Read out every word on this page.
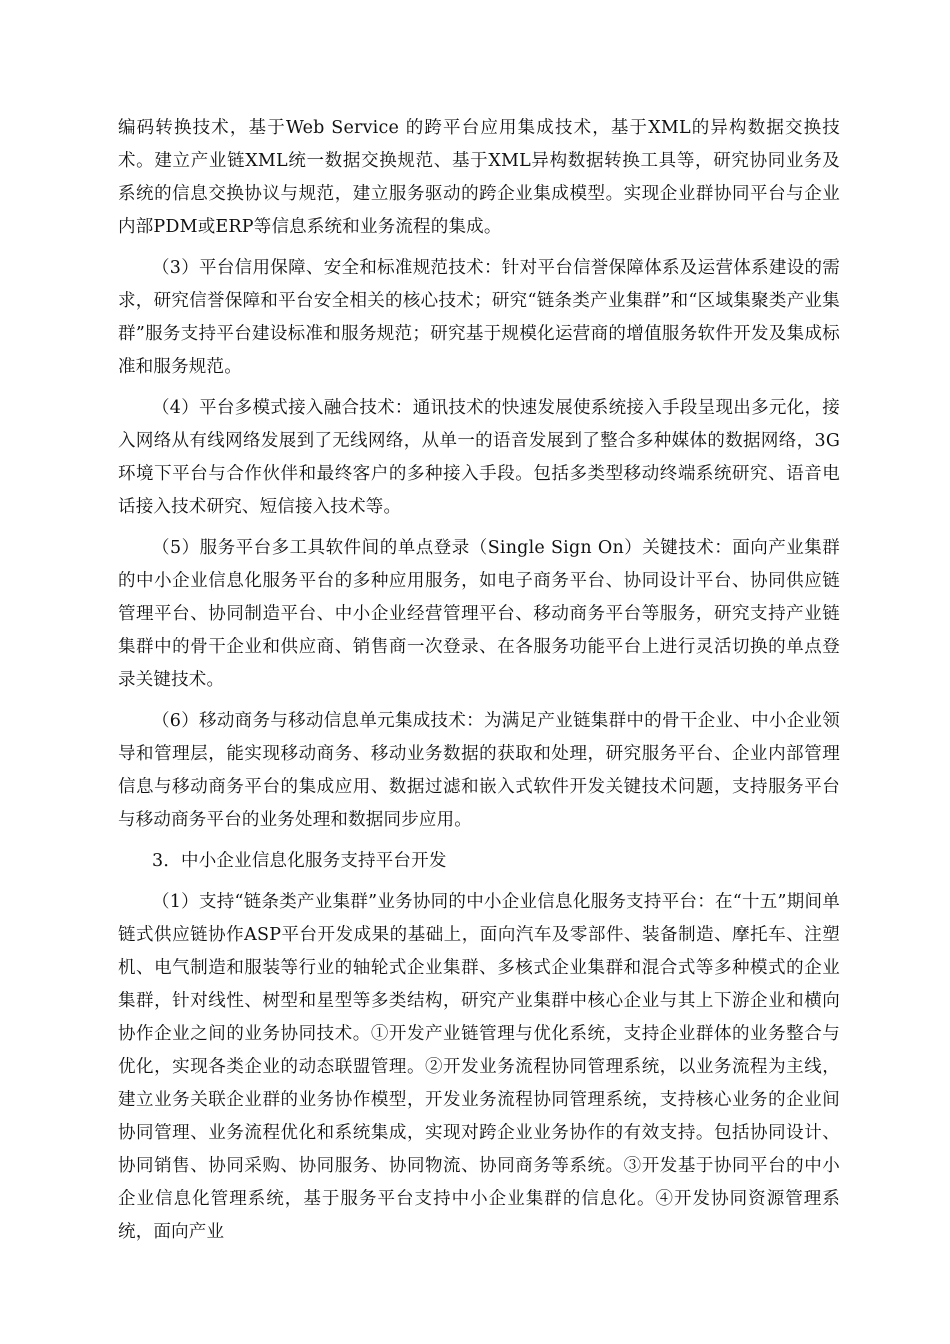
编码转换技术，基于Web Service 的跨平台应用集成技术，基于XML的异构数据交换技术。建立产业链XML统一数据交换规范、基于XML异构数据转换工具等，研究协同业务及系统的信息交换协议与规范，建立服务驱动的跨企业集成模型。实现企业群协同平台与企业内部PDM或ERP等信息系统和业务流程的集成。

（3）平台信用保障、安全和标准规范技术：针对平台信誉保障体系及运营体系建设的需求，研究信誉保障和平台安全相关的核心技术；研究“链条类产业集群”和“区域集聚类产业集群”服务支持平台建设标准和服务规范；研究基于规模化运营商的增值服务软件开发及集成标准和服务规范。

（4）平台多模式接入融合技术：通讯技术的快速发展使系统接入手段呈现出多元化，接入网络从有线网络发展到了无线网络，从单一的语音发展到了整合多种媒体的数据网络，3G环境下平台与合作伙伴和最终客户的多种接入手段。包括多类型移动终端系统研究、语音电话接入技术研究、短信接入技术等。

（5）服务平台多工具软件间的单点登录（Single Sign On）关键技术：面向产业集群的中小企业信息化服务平台的多种应用服务，如电子商务平台、协同设计平台、协同供应链管理平台、协同制造平台、中小企业经营管理平台、移动商务平台等服务，研究支持产业链集群中的骨干企业和供应商、销售商一次登录、在各服务功能平台上进行灵活切换的单点登录关键技术。

（6）移动商务与移动信息单元集成技术：为满足产业链集群中的骨干企业、中小企业领导和管理层，能实现移动商务、移动业务数据的获取和处理，研究服务平台、企业内部管理信息与移动商务平台的集成应用、数据过滤和嵌入式软件开发关键技术问题，支持服务平台与移动商务平台的业务处理和数据同步应用。

3．中小企业信息化服务支持平台开发

（1）支持“链条类产业集群”业务协同的中小企业信息化服务支持平台：在“十五”期间单链式供应链协作ASP平台开发成果的基础上，面向汽车及零部件、装备制造、摩托车、注塑机、电气制造和服装等行业的轴轮式企业集群、多核式企业集群和混合式等多种模式的企业集群，针对线性、树型和星型等多类结构，研究产业集群中核心企业与其上下游企业和横向协作企业之间的业务协同技术。①开发产业链管理与优化系统，支持企业群体的业务整合与优化，实现各类企业的动态联盟管理。②开发业务流程协同管理系统，以业务流程为主线，建立业务关联企业群的业务协作模型，开发业务流程协同管理系统，支持核心业务的企业间协同管理、业务流程优化和系统集成，实现对跨企业业务协作的有效支持。包括协同设计、协同销售、协同采购、协同服务、协同物流、协同商务等系统。③开发基于协同平台的中小企业信息化管理系统，基于服务平台支持中小企业集群的信息化。④开发协同资源管理系统，面向产业
